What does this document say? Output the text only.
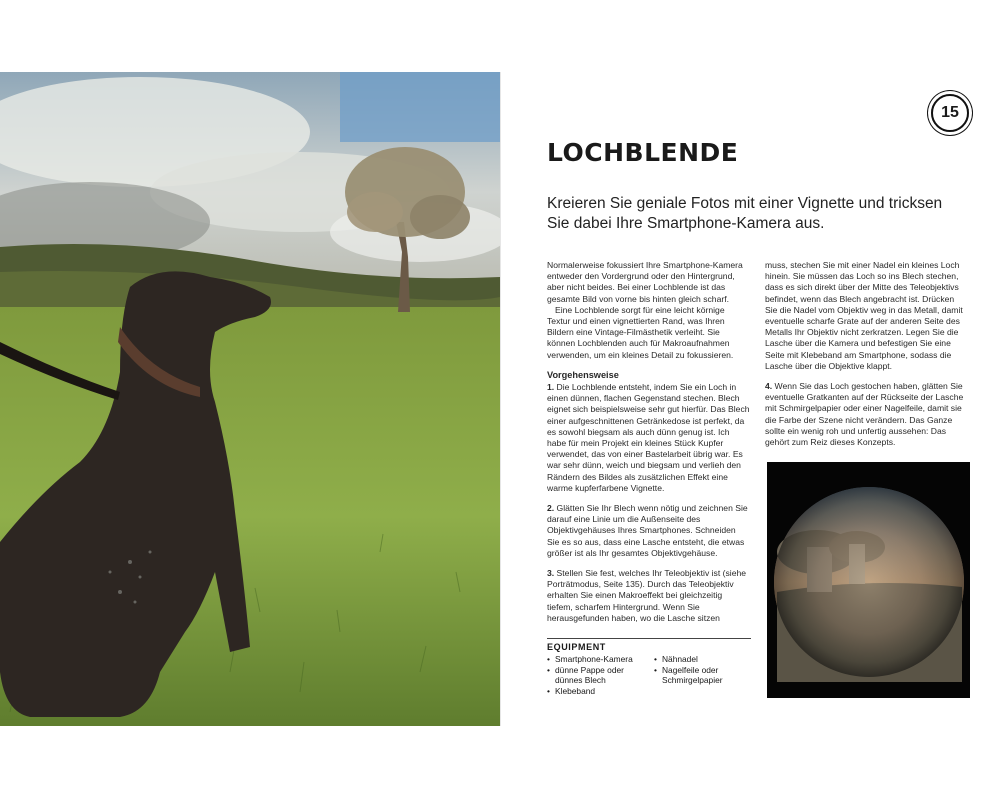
15
LOCHBLENDE

Kreieren Sie geniale Fotos mit einer Vignette und tricksen Sie dabei Ihre Smartphone-Kamera aus.

Normalerweise fokussiert Ihre Smartphone-Kamera entweder den Vordergrund oder den Hintergrund, aber nicht beides. Bei einer Lochblende ist das gesamte Bild von vorne bis hinten gleich scharf.

Eine Lochblende sorgt für eine leicht körnige Textur und einen vignettierten Rand, was Ihren Bildern eine Vintage-Filmästhetik verleiht. Sie können Lochblenden auch für Makroaufnahmen verwenden, um ein kleines Detail zu fokussieren.

Vorgehensweise

1. Die Lochblende entsteht, indem Sie ein Loch in einen dünnen, flachen Gegenstand stechen. Blech eignet sich beispielsweise sehr gut hierfür. Das Blech einer aufgeschnittenen Getränkedose ist perfekt, da es sowohl biegsam als auch dünn genug ist. Ich habe für mein Projekt ein kleines Stück Kupfer verwendet, das von einer Bastelarbeit übrig war. Es war sehr dünn, weich und biegsam und verlieh den Rändern des Bildes als zusätzlichen Effekt eine warme kupferfarbene Vignette.

2. Glätten Sie Ihr Blech wenn nötig und zeichnen Sie darauf eine Linie um die Außenseite des Objektivgehäuses Ihres Smartphones. Schneiden Sie es so aus, dass eine Lasche entsteht, die etwas größer ist als Ihr gesamtes Objektivgehäuse.

3. Stellen Sie fest, welches Ihr Teleobjektiv ist (siehe Porträtmodus, Seite 135). Durch das Teleobjektiv erhalten Sie einen Makroeffekt bei gleichzeitig tiefem, scharfem Hintergrund. Wenn Sie herausgefunden haben, wo die Lasche sitzen

muss, stechen Sie mit einer Nadel ein kleines Loch hinein. Sie müssen das Loch so ins Blech stechen, dass es sich direkt über der Mitte des Teleobjektivs befindet, wenn das Blech angebracht ist. Drücken Sie die Nadel vom Objektiv weg in das Metall, damit eventuelle scharfe Grate auf der anderen Seite des Metalls Ihr Objektiv nicht zerkratzen. Legen Sie die Lasche über die Kamera und befestigen Sie eine Seite mit Klebeband am Smartphone, sodass die Lasche über die Objektive klappt.

4. Wenn Sie das Loch gestochen haben, glätten Sie eventuelle Gratkanten auf der Rückseite der Lasche mit Schmirgelpapier oder einer Nagelfeile, damit sie die Farbe der Szene nicht verändern. Das Ganze sollte ein wenig roh und unfertig aussehen: Das gehört zum Reiz dieses Konzepts.

EQUIPMENT
• Smartphone-Kamera
• dünne Pappe oder dünnes Blech
• Klebeband
• Nähnadel
• Nagelfeile oder Schmirgelpapier
